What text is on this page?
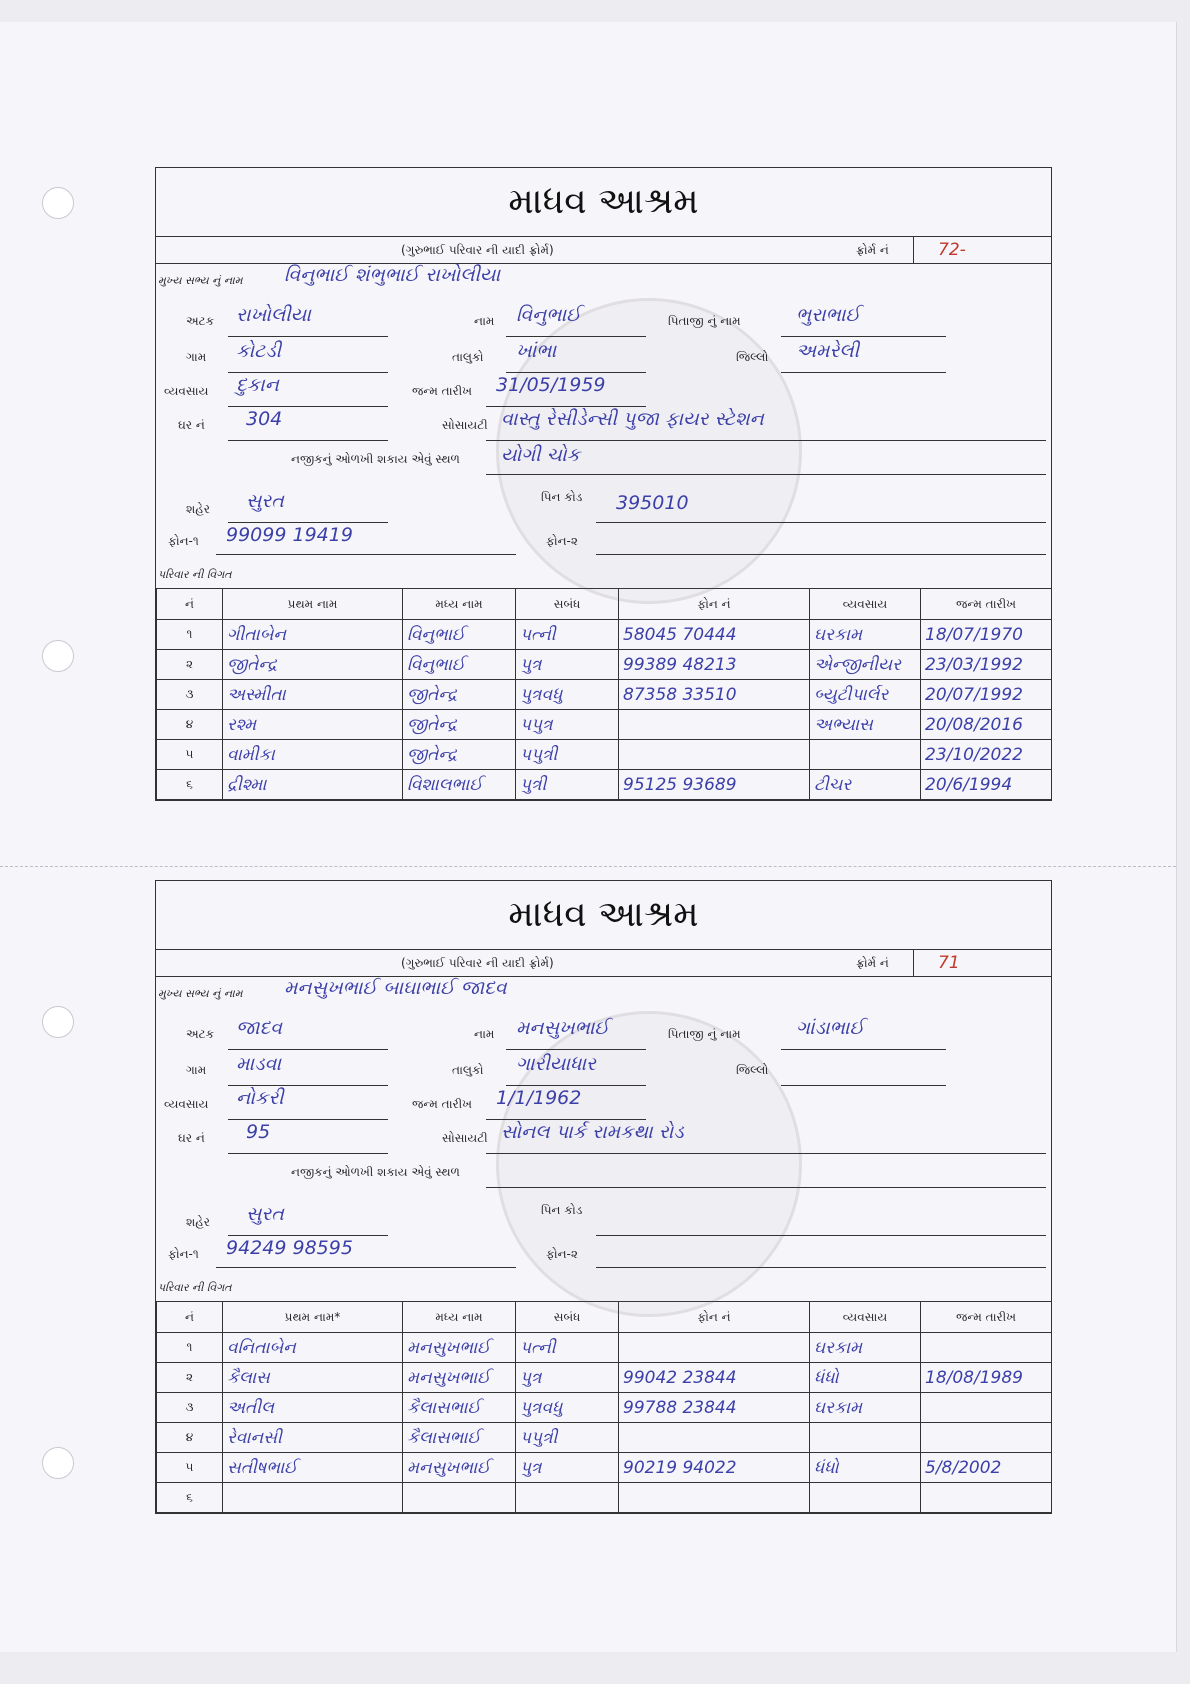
માધવ આશ્રમ
(ગુરુભાઈ પરિવાર ની યાદી ફ્રોર્મ)	ફ્રોર્મ નં	72-
મુખ્ય સભ્ય નું નામ વિનુભાઈ શંભુભાઈ રાખોલીયા
અટક રાખોલીયા	નામ વિનુભાઈ	પિતાજી નું નામ	ભુરાભાઈ
ગામ કોટડી	તાલુકો ખાંભા	જિલ્લો અમરેલી
વ્યવસાય દુકાન	જન્મ તારીખ 31/05/1959
ઘર નં 304	સોસાયટી વાસ્તુ રેસીડેન્સી પુજા ફાયર સ્ટેશન
નજીકનું ઓળખી શકાય એવું સ્થળ યોગી ચોક
શહેર સુરત	પિન કોડ 395010
ફોન-૧ 99099 19419	ફોન-૨
પરિવાર ની વિગત
નં	પ્રથમ નામ	મધ્ય નામ	સબંધ	ફોન નં	વ્યવસાય	જન્મ તારીખ
૧	ગીતાબેન	વિનુભાઈ	પત્ની	58045 70444	ઘરકામ	18/07/1970
૨	જીતેન્દ્ર	વિનુભાઈ	પુત્ર	99389 48213	એન્જીનીયર	23/03/1992
૩	અસ્મીતા	જીતેન્દ્ર	પુત્રવધુ	87358 33510	બ્યુટીપાર્લર	20/07/1992
૪	રશ્મ	જીતેન્દ્ર	પપુત્ર		અભ્યાસ	20/08/2016
૫	વામીકા	જીતેન્દ્ર	પપુત્રી			23/10/2022
૬	દ્રીશ્મા	વિશાલભાઈ	પુત્રી	95125 93689	ટીચર	20/6/1994
માધવ આશ્રમ
(ગુરુભાઈ પરિવાર ની યાદી ફ્રોર્મ)	ફ્રોર્મ નં	71
મુખ્ય સભ્ય નું નામ મનસુખભાઈ બાઘાભાઈ જાદવ
અટક જાદવ	નામ મનસુખભાઈ	પિતાજી નું નામ	ગાંડાભાઈ
ગામ માડવા	તાલુકો ગારીયાધાર	જિલ્લો
વ્યવસાય નોકરી	જન્મ તારીખ 1/1/1962
ઘર નં 95	સોસાયટી સોનલ પાર્ક રામકથા રોડ
નજીકનું ઓળખી શકાય એવું સ્થળ
શહેર સુરત	પિન કોડ
ફોન-૧ 94249 98595	ફોન-૨
પરિવાર ની વિગત
નં	પ્રથમ નામ*	મધ્ય નામ	સબંધ	ફોન નં	વ્યવસાય	જન્મ તારીખ
૧	વનિતાબેન	મનસુખભાઈ	પત્ની		ઘરકામ	
૨	કૈલાસ	મનસુખભાઈ	પુત્ર	99042 23844	ધંધો	18/08/1989
૩	અતીલ	કૈલાસભાઈ	પુત્રવધુ	99788 23844	ઘરકામ	
૪	રેવાનસી	કૈલાસભાઈ	પપુત્રી			
૫	સતીષભાઈ	મનસુખભાઈ	પુત્ર	90219 94022	ધંધો	5/8/2002
૬						
